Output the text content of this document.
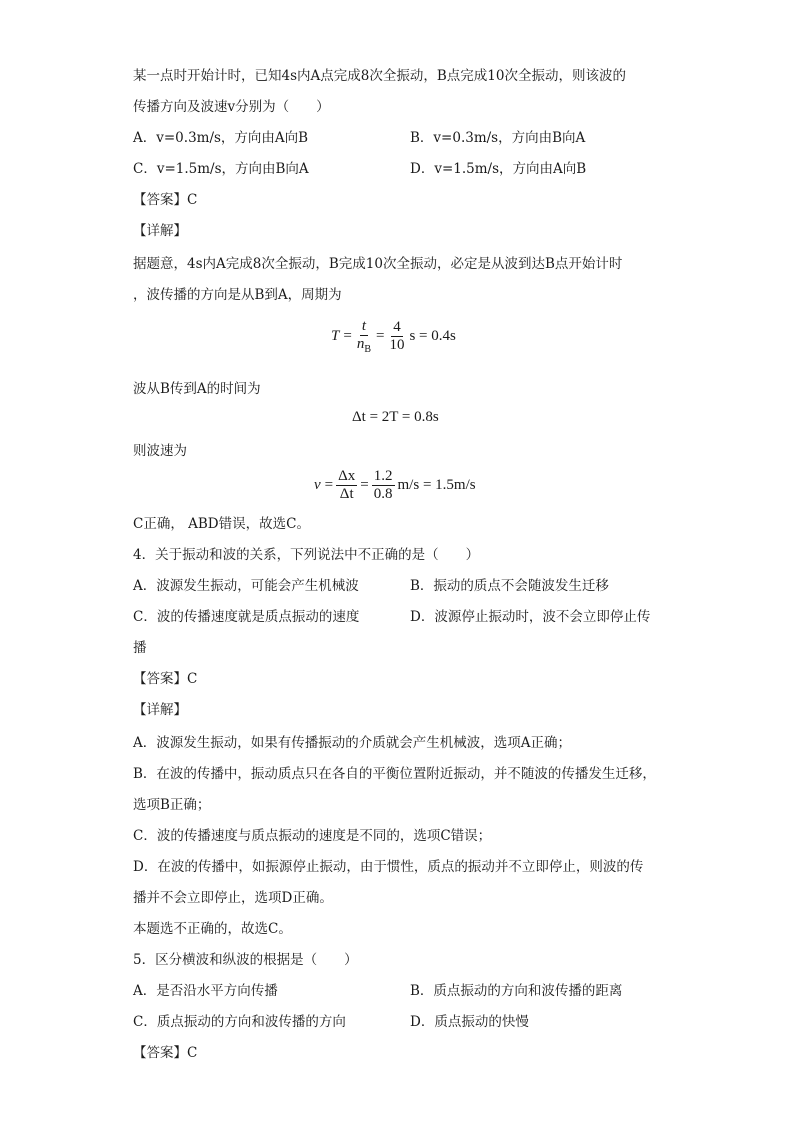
某一点时开始计时，已知4s内A点完成8次全振动，B点完成10次全振动，则该波的
传播方向及波速v分别为（　　）
A．v=0.3m/s，方向由A向B	B．v=0.3m/s，方向由B向A
C．v=1.5m/s，方向由B向A	D．v=1.5m/s，方向由A向B
【答案】C
【详解】
据题意，4s内A完成8次全振动，B完成10次全振动，必定是从波到达B点开始计时
，波传播的方向是从B到A，周期为
$T = \frac{t}{n_B} = \frac{4}{10}$ s = 0.4s
波从B传到A的时间为
Δt = 2T = 0.8s
则波速为
$v = \frac{\Delta x}{\Delta t} = \frac{1.2}{0.8} m/s = 1.5m/s$
C正确， ABD错误，故选C。
4．关于振动和波的关系，下列说法中不正确的是（　　）
A．波源发生振动，可能会产生机械波	B．振动的质点不会随波发生迁移
C．波的传播速度就是质点振动的速度	D．波源停止振动时，波不会立即停止传
播
【答案】C
【详解】
A．波源发生振动，如果有传播振动的介质就会产生机械波，选项A正确；
B．在波的传播中，振动质点只在各自的平衡位置附近振动，并不随波的传播发生迁移，
选项B正确；
C．波的传播速度与质点振动的速度是不同的，选项C错误；
D．在波的传播中，如振源停止振动，由于惯性，质点的振动并不立即停止，则波的传
播并不会立即停止，选项D正确。
本题选不正确的，故选C。
5．区分横波和纵波的根据是（　　）
A．是否沿水平方向传播	B．质点振动的方向和波传播的距离
C．质点振动的方向和波传播的方向	D．质点振动的快慢
【答案】C
